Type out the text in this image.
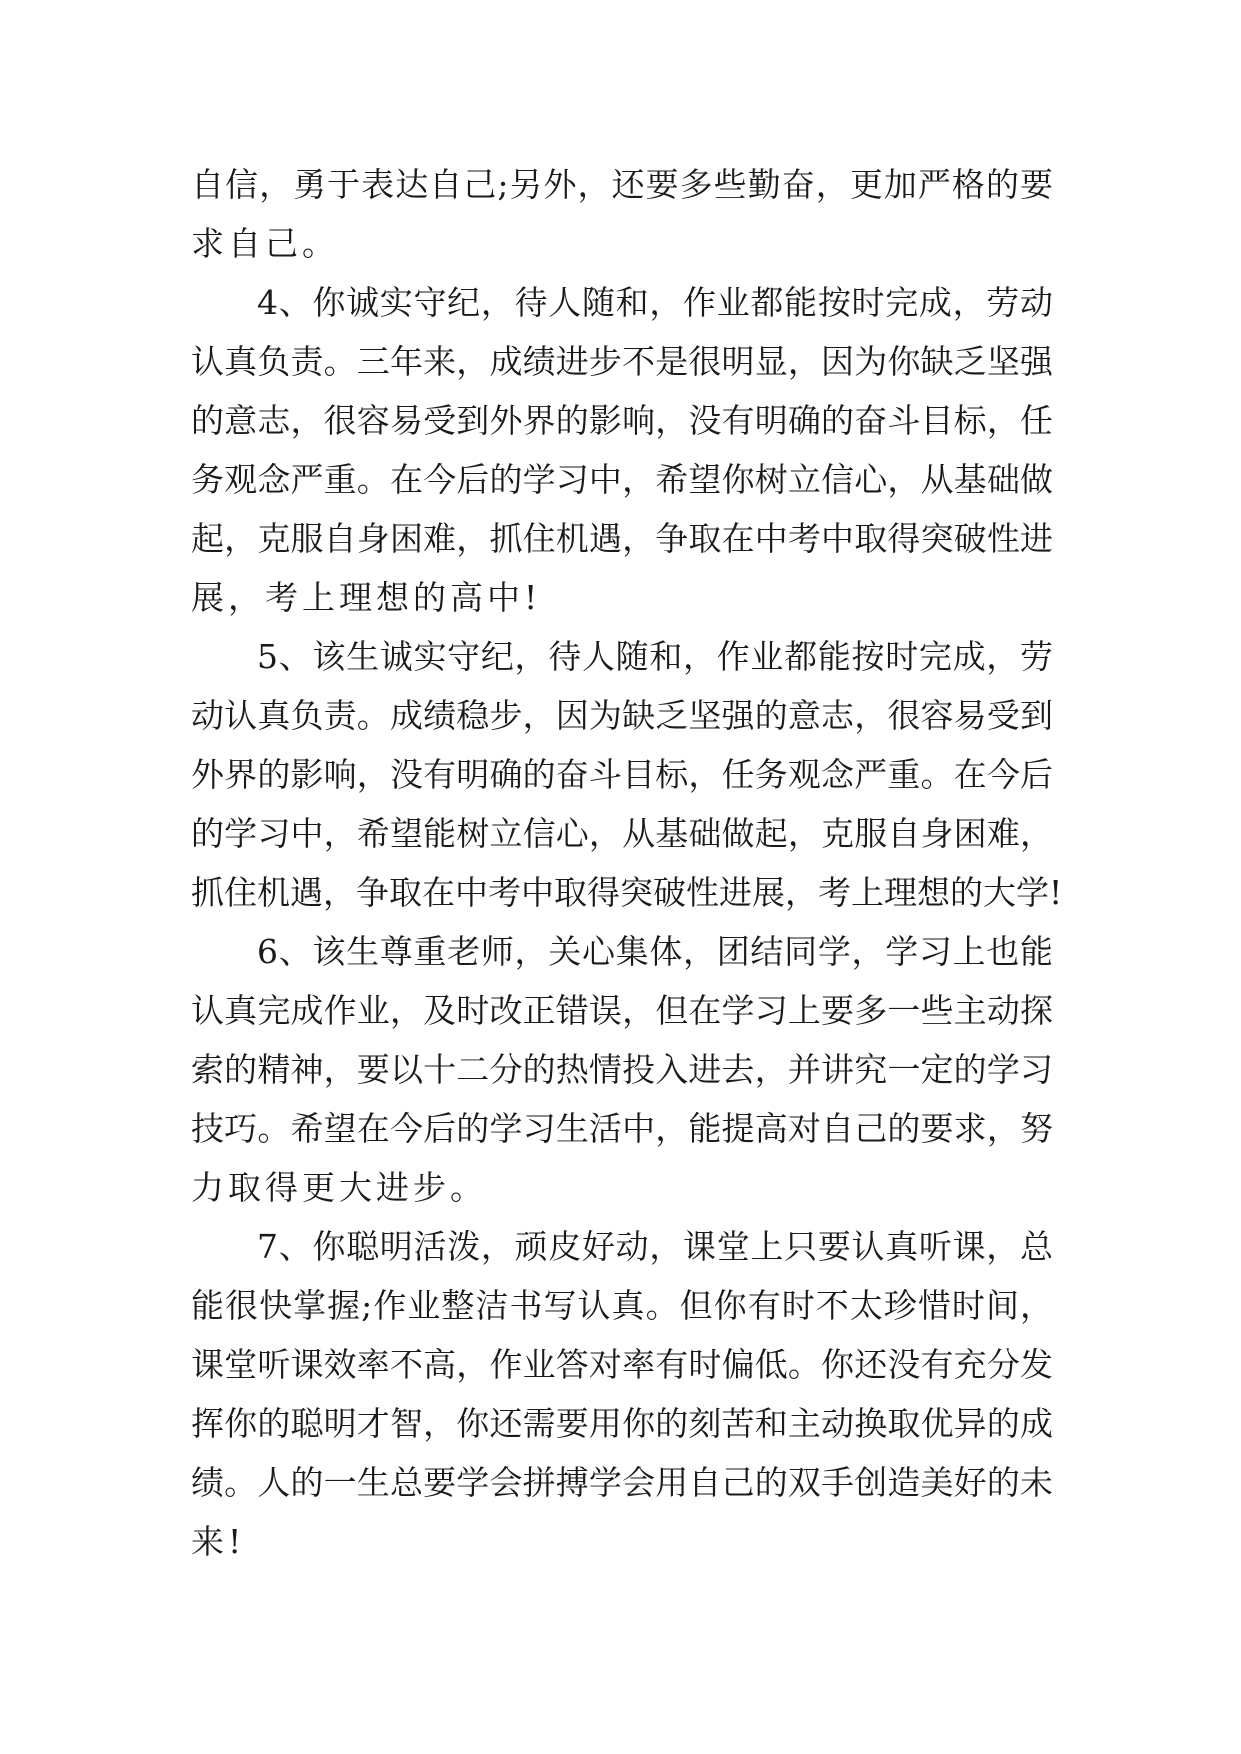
自信，勇于表达自己;另外，还要多些勤奋，更加严格的要
求自己。
4、你诚实守纪，待人随和，作业都能按时完成，劳动
认真负责。三年来，成绩进步不是很明显，因为你缺乏坚强
的意志，很容易受到外界的影响，没有明确的奋斗目标，任
务观念严重。在今后的学习中，希望你树立信心，从基础做
起，克服自身困难，抓住机遇，争取在中考中取得突破性进
展，考上理想的高中!
5、该生诚实守纪，待人随和，作业都能按时完成，劳
动认真负责。成绩稳步，因为缺乏坚强的意志，很容易受到
外界的影响，没有明确的奋斗目标，任务观念严重。在今后
的学习中，希望能树立信心，从基础做起，克服自身困难，
抓住机遇，争取在中考中取得突破性进展，考上理想的大学!
6、该生尊重老师，关心集体，团结同学，学习上也能
认真完成作业，及时改正错误，但在学习上要多一些主动探
索的精神，要以十二分的热情投入进去，并讲究一定的学习
技巧。希望在今后的学习生活中，能提高对自己的要求，努
力取得更大进步。
7、你聪明活泼，顽皮好动，课堂上只要认真听课，总
能很快掌握;作业整洁书写认真。但你有时不太珍惜时间，
课堂听课效率不高，作业答对率有时偏低。你还没有充分发
挥你的聪明才智，你还需要用你的刻苦和主动换取优异的成
绩。人的一生总要学会拼搏学会用自己的双手创造美好的未
来!
